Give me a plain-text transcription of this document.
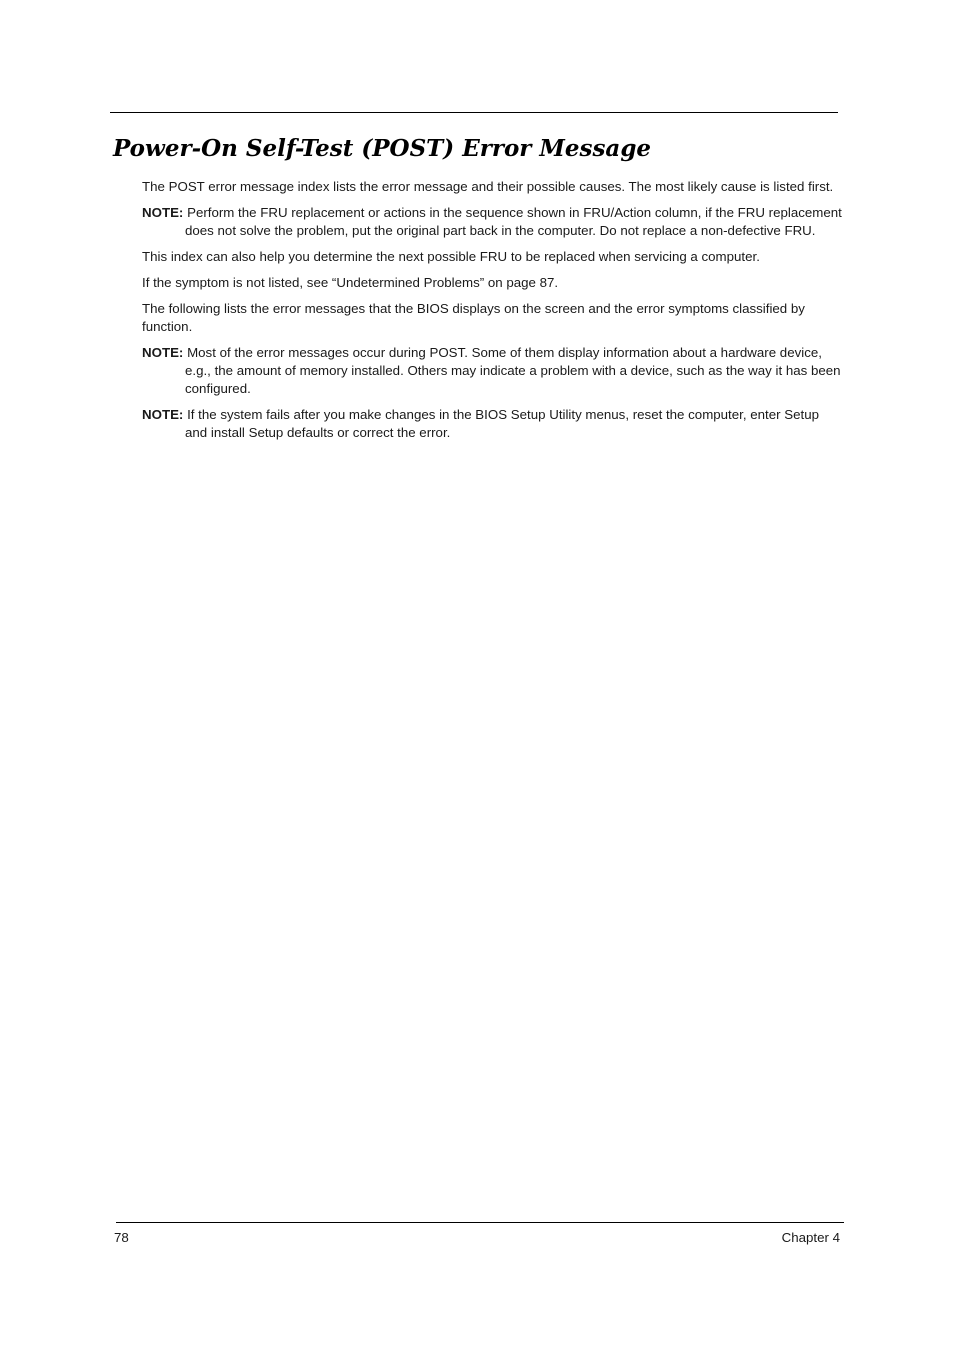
Power-On Self-Test (POST) Error Message

The POST error message index lists the error message and their possible causes. The most likely cause is listed first.

NOTE: Perform the FRU replacement or actions in the sequence shown in FRU/Action column, if the FRU replacement does not solve the problem, put the original part back in the computer. Do not replace a non-defective FRU.

This index can also help you determine the next possible FRU to be replaced when servicing a computer.

If the symptom is not listed, see “Undetermined Problems” on page 87.

The following lists the error messages that the BIOS displays on the screen and the error symptoms classified by function.

NOTE: Most of the error messages occur during POST. Some of them display information about a hardware device, e.g., the amount of memory installed. Others may indicate a problem with a device, such as the way it has been configured.

NOTE: If the system fails after you make changes in the BIOS Setup Utility menus, reset the computer, enter Setup and install Setup defaults or correct the error.

78	Chapter 4
